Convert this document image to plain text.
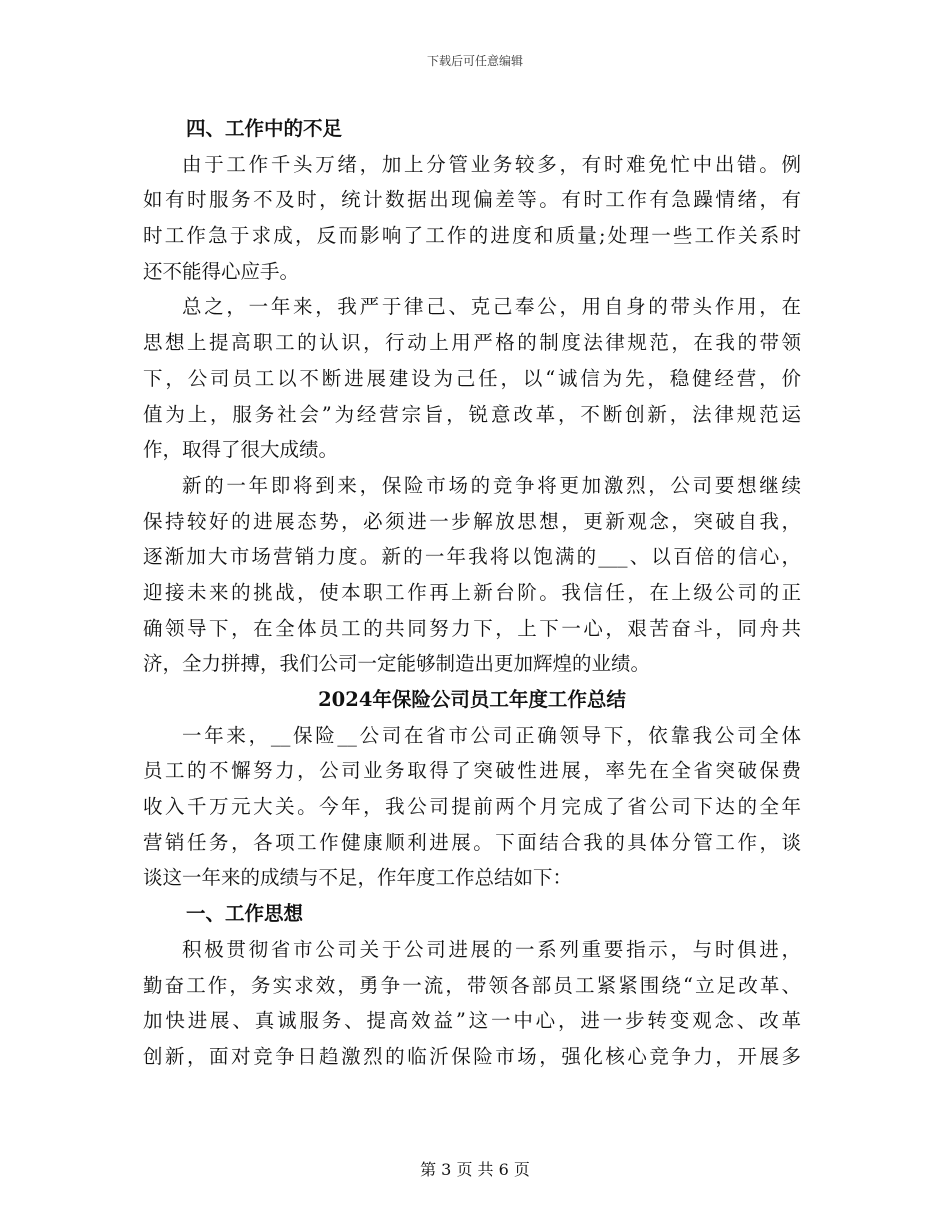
下载后可任意编辑
四、工作中的不足
由于工作千头万绪，加上分管业务较多，有时难免忙中出错。例
如有时服务不及时，统计数据出现偏差等。有时工作有急躁情绪，有
时工作急于求成，反而影响了工作的进度和质量;处理一些工作关系时
还不能得心应手。
总之，一年来，我严于律己、克己奉公，用自身的带头作用，在
思想上提高职工的认识，行动上用严格的制度法律规范，在我的带领
下，公司员工以不断进展建设为己任，以“诚信为先，稳健经营，价
值为上，服务社会”为经营宗旨，锐意改革，不断创新，法律规范运
作，取得了很大成绩。
新的一年即将到来，保险市场的竞争将更加激烈，公司要想继续
保持较好的进展态势，必须进一步解放思想，更新观念，突破自我，
逐渐加大市场营销力度。新的一年我将以饱满的___、以百倍的信心，
迎接未来的挑战，使本职工作再上新台阶。我信任，在上级公司的正
确领导下，在全体员工的共同努力下，上下一心，艰苦奋斗，同舟共
济，全力拼搏，我们公司一定能够制造出更加辉煌的业绩。
2024年保险公司员工年度工作总结
一年来，__保险__公司在省市公司正确领导下，依靠我公司全体
员工的不懈努力，公司业务取得了突破性进展，率先在全省突破保费
收入千万元大关。今年，我公司提前两个月完成了省公司下达的全年
营销任务，各项工作健康顺利进展。下面结合我的具体分管工作，谈
谈这一年来的成绩与不足，作年度工作总结如下：
一、工作思想
积极贯彻省市公司关于公司进展的一系列重要指示，与时俱进，
勤奋工作，务实求效，勇争一流，带领各部员工紧紧围绕“立足改革、
加快进展、真诚服务、提高效益”这一中心，进一步转变观念、改革
创新，面对竞争日趋激烈的临沂保险市场，强化核心竞争力，开展多
第 3 页 共 6 页
